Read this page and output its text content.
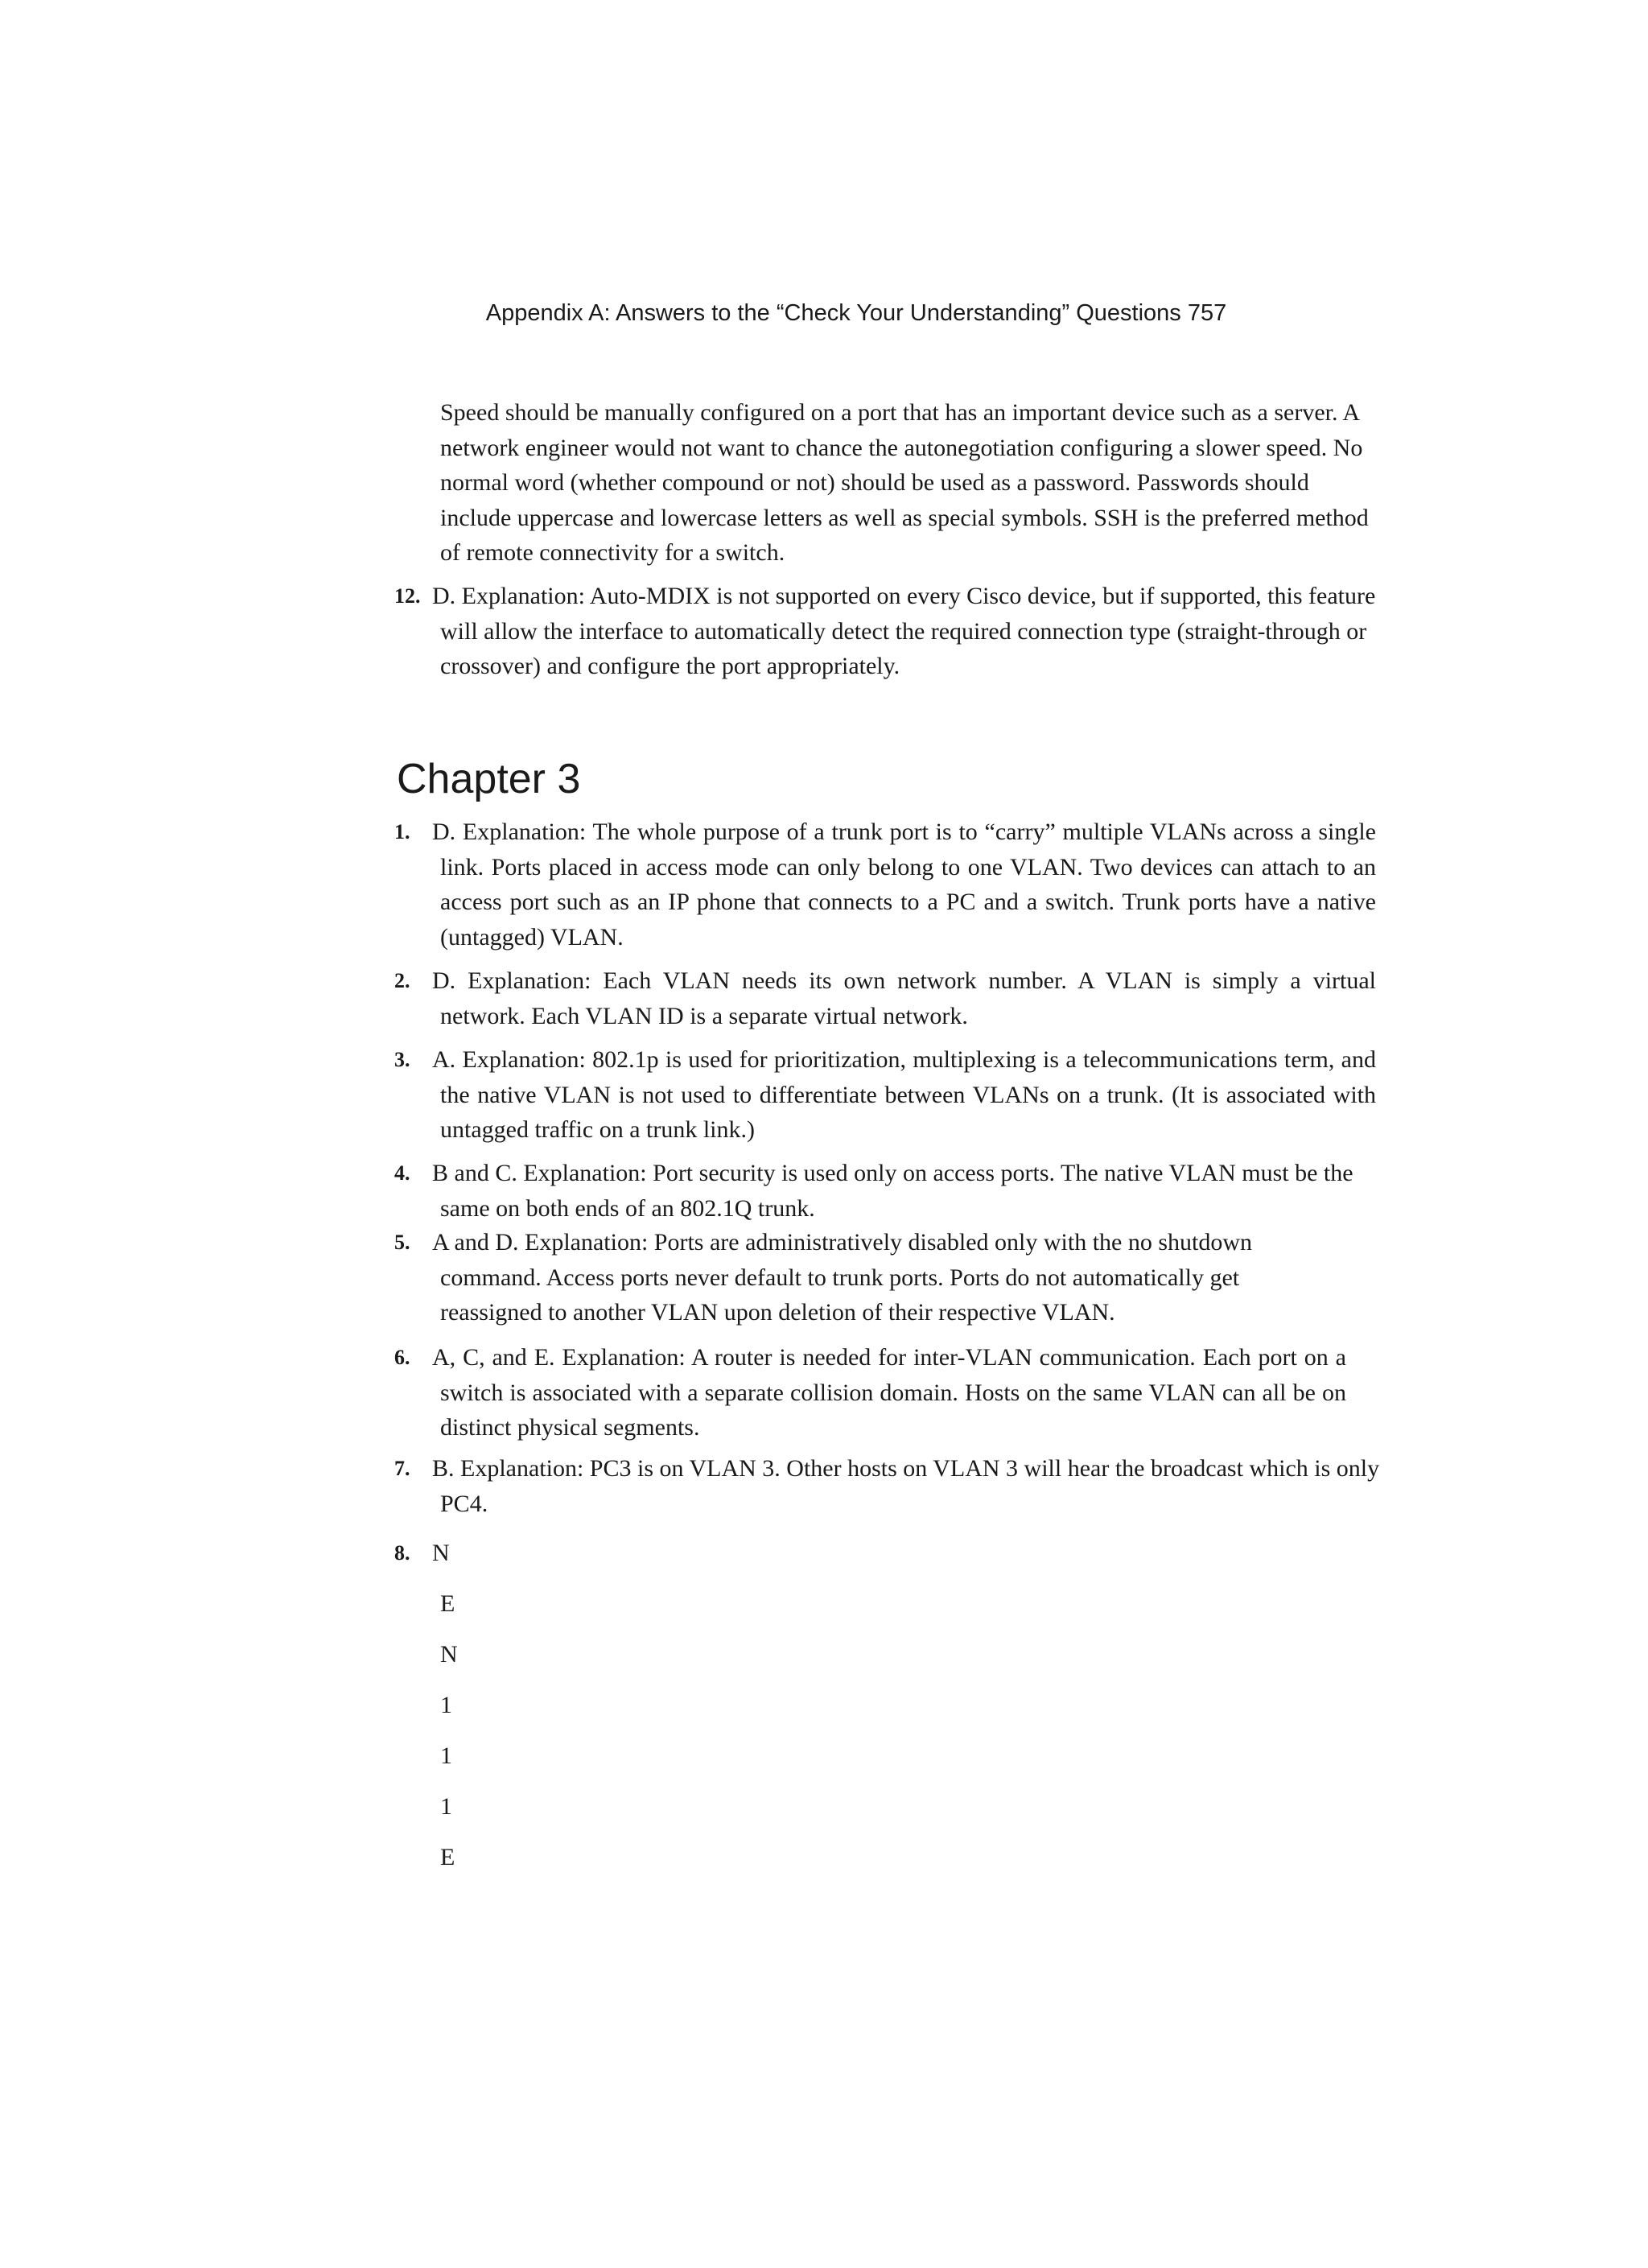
Appendix A: Answers to the “Check Your Understanding” Questions 757

Speed should be manually configured on a port that has an important device such as a server. A network engineer would not want to chance the autonegotiation configuring a slower speed. No normal word (whether compound or not) should be used as a password. Passwords should include uppercase and lowercase letters as well as special symbols. SSH is the preferred method of remote connectivity for a switch.

12. D. Explanation: Auto-MDIX is not supported on every Cisco device, but if supported, this feature will allow the interface to automatically detect the required connection type (straight-through or crossover) and configure the port appropriately.
Chapter 3
1. D. Explanation: The whole purpose of a trunk port is to “carry” multiple VLANs across a single link. Ports placed in access mode can only belong to one VLAN. Two devices can attach to an access port such as an IP phone that connects to a PC and a switch. Trunk ports have a native (untagged) VLAN.
2. D. Explanation: Each VLAN needs its own network number. A VLAN is simply a virtual network. Each VLAN ID is a separate virtual network.
3. A. Explanation: 802.1p is used for prioritization, multiplexing is a telecommunications term, and the native VLAN is not used to differentiate between VLANs on a trunk. (It is associated with untagged traffic on a trunk link.)
4. B and C. Explanation: Port security is used only on access ports. The native VLAN must be the same on both ends of an 802.1Q trunk.
5. A and D. Explanation: Ports are administratively disabled only with the no shutdown command. Access ports never default to trunk ports. Ports do not automatically get reassigned to another VLAN upon deletion of their respective VLAN.
6. A, C, and E. Explanation: A router is needed for inter-VLAN communication. Each port on a switch is associated with a separate collision domain. Hosts on the same VLAN can all be on distinct physical segments.
7. B. Explanation: PC3 is on VLAN 3. Other hosts on VLAN 3 will hear the broadcast which is only PC4.
8. N
E
N
1
1
1
E
